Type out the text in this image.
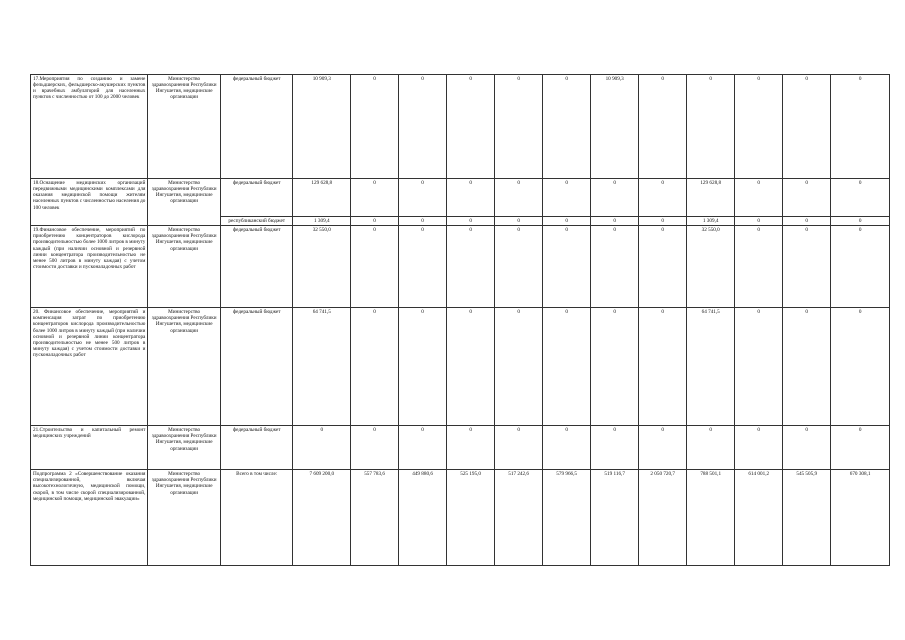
17.Мероприятия по созданию и замене фельдшерских, фельдшерско-акушерских пунктов и врачебных амбулаторий для населенных пунктов с численностью от 100 до 2000 человек	Министерство здравоохранения Республики Ингушетия, медицинские организации	федеральный бюджет	10 909,3	0	0	0	0	0	10 909,3	0	0	0	0	0
18.Оснащение медицинских организаций передвижными медицинскими комплексами для оказания медицинской помощи жителям населенных пунктов с численностью населения до 100 человек	Министерство здравоохранения Республики Ингушетия, медицинские организации	федеральный бюджет	129 628,8	0	0	0	0	0	0	0	129 628,8	0	0	0
		республиканский бюджет	1 309,4	0	0	0	0	0	0	0	1 309,4	0	0	0
19.Финансовое обеспечение, мероприятий по приобретению концентраторов кислорода производительностью более 1000 литров в минуту каждый (при наличии основной и резервной линии концентратора производительностью не менее 500 литров в минуту каждая) с учетом стоимости доставки и пусконаладочных работ	Министерство здравоохранения Республики Ингушетия, медицинские организации	федеральный бюджет	32 550,0	0	0	0	0	0	0	0	32 550,0	0	0	0
20. Финансовое обеспечение, мероприятий и компенсация затрат по приобретению концентраторов кислорода производительностью более 1000 литров в минуту каждый (при наличии основной и резервной линии концентратора производительностью не менее 500 литров в минуту каждая) с учетом стоимости доставки и пусконаладочных работ	Министерство здравоохранения Республики Ингушетия, медицинские организации	федеральный бюджет	64 741,5	0	0	0	0	0	0	0	64 741,5	0	0	0
21.Строительство и капитальный ремонт медицинских учреждений	Министерство здравоохранения Республики Ингушетия, медицинские организации	федеральный бюджет	0	0	0	0	0	0	0	0	0	0	0	0
Подпрограмма 2 «Совершенствование оказания специализированной, включая высокотехнологичную, медицинской помощи, скорой, в том числе скорой специализированной, медицинской помощи, медицинской эвакуации»	Министерство здравоохранения Республики Ингушетия, медицинские организации	Всего в том числе:	7 609 200,0	557 783,6	449 880,6	525 195,0	517 242,6	579 966,5	519 116,7	2 050 720,7	788 501,1	614 001,2	545 505,9	670 308,1
